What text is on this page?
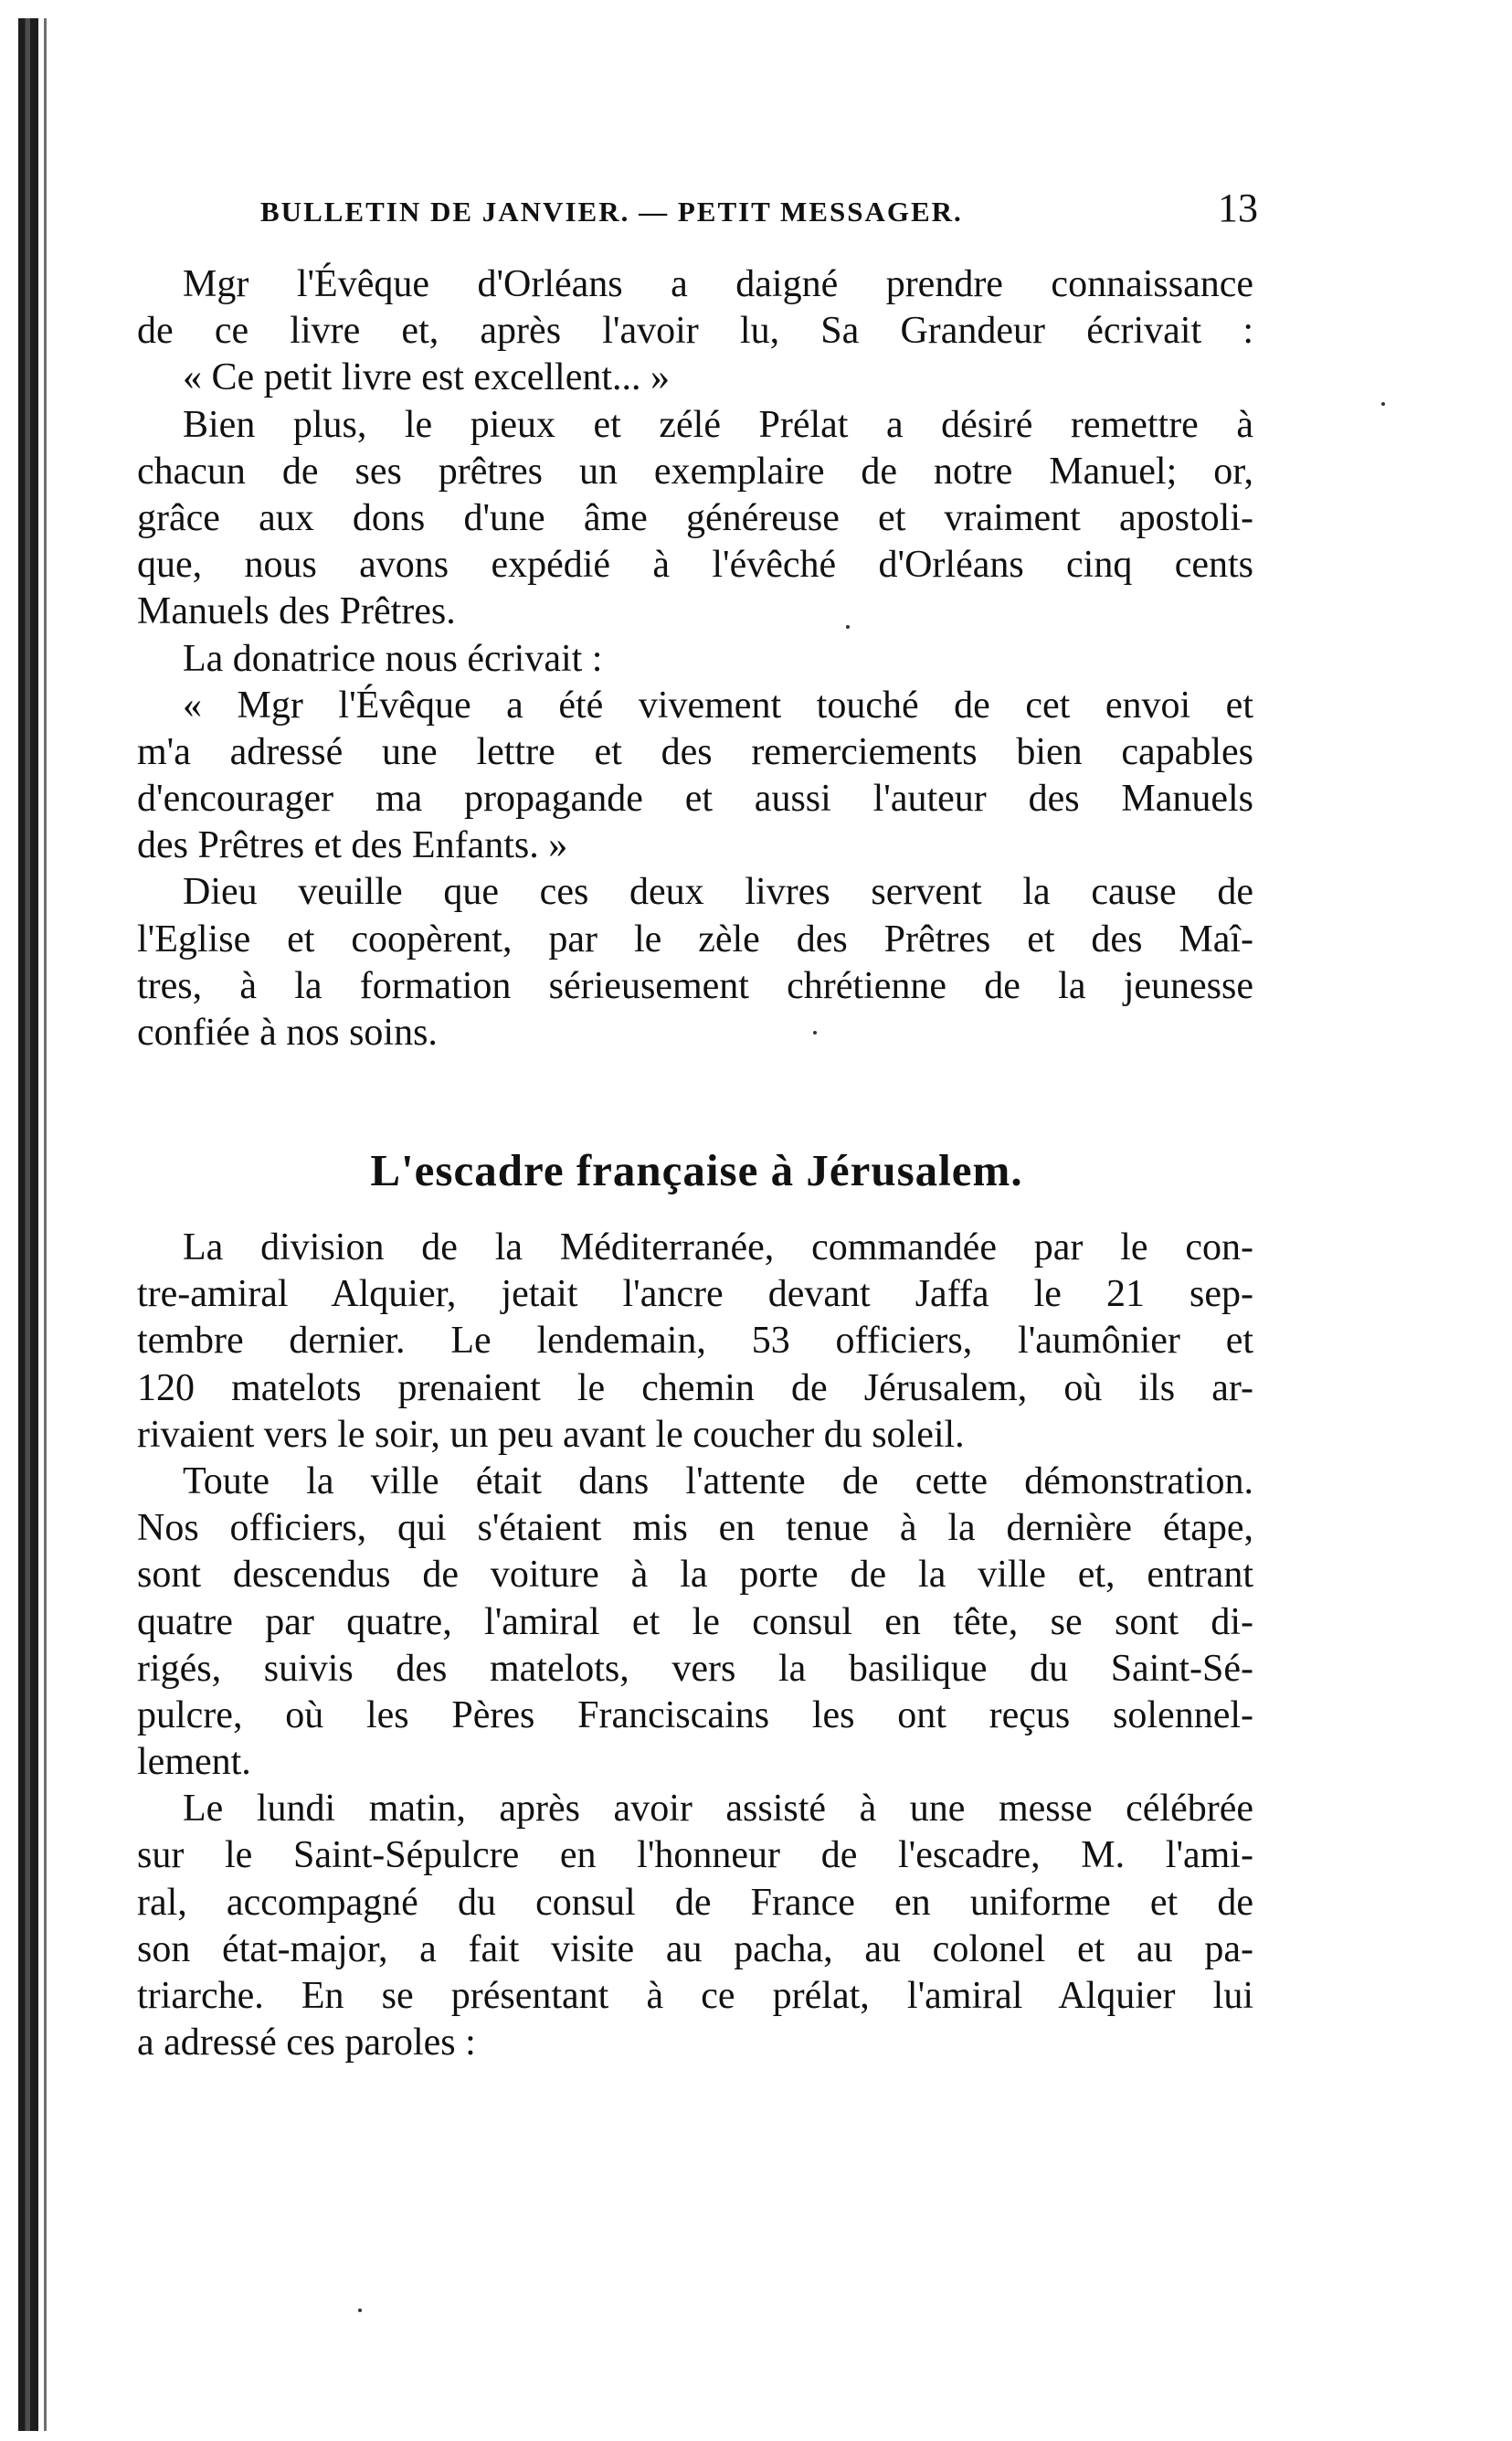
BULLETIN DE JANVIER. — PETIT MESSAGER.	13
Mgr l'Évêque d'Orléans a daigné prendre connaissance
de ce livre et, après l'avoir lu, Sa Grandeur écrivait :
« Ce petit livre est excellent... »
Bien plus, le pieux et zélé Prélat a désiré remettre à
chacun de ses prêtres un exemplaire de notre Manuel; or,
grâce aux dons d'une âme généreuse et vraiment apostoli-
que, nous avons expédié à l'évêché d'Orléans cinq cents
Manuels des Prêtres.
La donatrice nous écrivait :
« Mgr l'Évêque a été vivement touché de cet envoi et
m'a adressé une lettre et des remerciements bien capables
d'encourager ma propagande et aussi l'auteur des Manuels
des Prêtres et des Enfants. »
Dieu veuille que ces deux livres servent la cause de
l'Eglise et coopèrent, par le zèle des Prêtres et des Maî-
tres, à la formation sérieusement chrétienne de la jeunesse
confiée à nos soins.
L'escadre française à Jérusalem.
La division de la Méditerranée, commandée par le con-
tre-amiral Alquier, jetait l'ancre devant Jaffa le 21 sep-
tembre dernier. Le lendemain, 53 officiers, l'aumônier et
120 matelots prenaient le chemin de Jérusalem, où ils ar-
rivaient vers le soir, un peu avant le coucher du soleil.
Toute la ville était dans l'attente de cette démonstration.
Nos officiers, qui s'étaient mis en tenue à la dernière étape,
sont descendus de voiture à la porte de la ville et, entrant
quatre par quatre, l'amiral et le consul en tête, se sont di-
rigés, suivis des matelots, vers la basilique du Saint-Sé-
pulcre, où les Pères Franciscains les ont reçus solennel-
lement.
Le lundi matin, après avoir assisté à une messe célébrée
sur le Saint-Sépulcre en l'honneur de l'escadre, M. l'ami-
ral, accompagné du consul de France en uniforme et de
son état-major, a fait visite au pacha, au colonel et au pa-
triarche. En se présentant à ce prélat, l'amiral Alquier lui
a adressé ces paroles :
